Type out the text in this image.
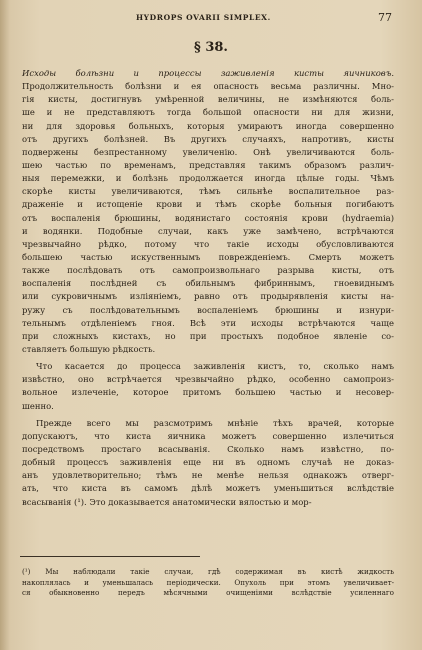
HYDROPS OVARII SIMPLEX.	77
§ 38.
Исходы болѣзни и процессы заживленія кисты яичниковъ.
Продолжительность болѣзни и ея опасность весьма различны. Мно-
гія кисты, достигнувъ умѣренной величины, не измѣняются боль-
ше и не представляютъ тогда большой опасности ни для жизни,
ни для здоровья больныхъ, которыя умираютъ иногда совершенно
отъ другихъ болѣзней. Въ другихъ случаяхъ, напротивъ, кисты
подвержены безпрестанному увеличенію. Онѣ увеличиваются боль-
шею частью по временамъ, представляя такимъ образомъ различ-
ныя перемежки, и болѣзнь продолжается иногда цѣлые годы. Чѣмъ
скорѣе кисты увеличиваются, тѣмъ сильнѣе воспалительное раз-
драженіе и истощеніе крови и тѣмъ скорѣе больныя погибаютъ
отъ воспаленія брюшины, водянистаго состоянія крови (hydraemia)
и водянки. Подобные случаи, какъ уже замѣчено, встрѣчаются
чрезвычайно рѣдко, потому что такіе исходы обусловливаются
большею частью искуственнымъ поврежденіемъ. Смерть можетъ
также послѣдовать отъ самопроизвольнаго разрыва кисты, отъ
воспаленія послѣдней съ обильнымъ фибриннымъ, гноевиднымъ
или сукровичнымъ изліяніемъ, равно отъ продырявленія кисты на-
ружу съ послѣдовательнымъ воспаленіемъ брюшины и изнури-
тельнымъ отдѣленіемъ гноя. Всѣ эти исходы встрѣчаются чаще
при сложныхъ кистахъ, но при простыхъ подобное явленіе со-
ставляетъ большую рѣдкость.
Что касается до процесса заживленія кистъ, то, сколько намъ
извѣстно, оно встрѣчается чрезвычайно рѣдко, особенно самопроиз-
вольное излеченіе, которое притомъ большею частью и несовер-
шенно.
Прежде всего мы разсмотримъ мнѣніе тѣхъ врачей, которые
допускаютъ, что киста яичника можетъ совершенно излечиться
посредствомъ простаго всасыванія. Сколько намъ извѣстно, по-
добный процессъ заживленія еще ни въ одномъ случаѣ не доказ-
анъ удовлетворительно; тѣмъ не менѣе нельзя однакожъ отверг-
ать, что киста въ самомъ дѣлѣ можетъ уменьшиться вслѣдствіе
всасыванія (¹). Это доказывается анатомически вялостью и мор-
(¹) Мы наблюдали такіе случаи, гдѣ содержимая въ кистѣ жидкость
накоплялась и уменьшалась періодически. Опухоль при этомъ увеличивает-
ся обыкновенно передъ мѣсячными очищеніями вслѣдствіе усиленнаго
